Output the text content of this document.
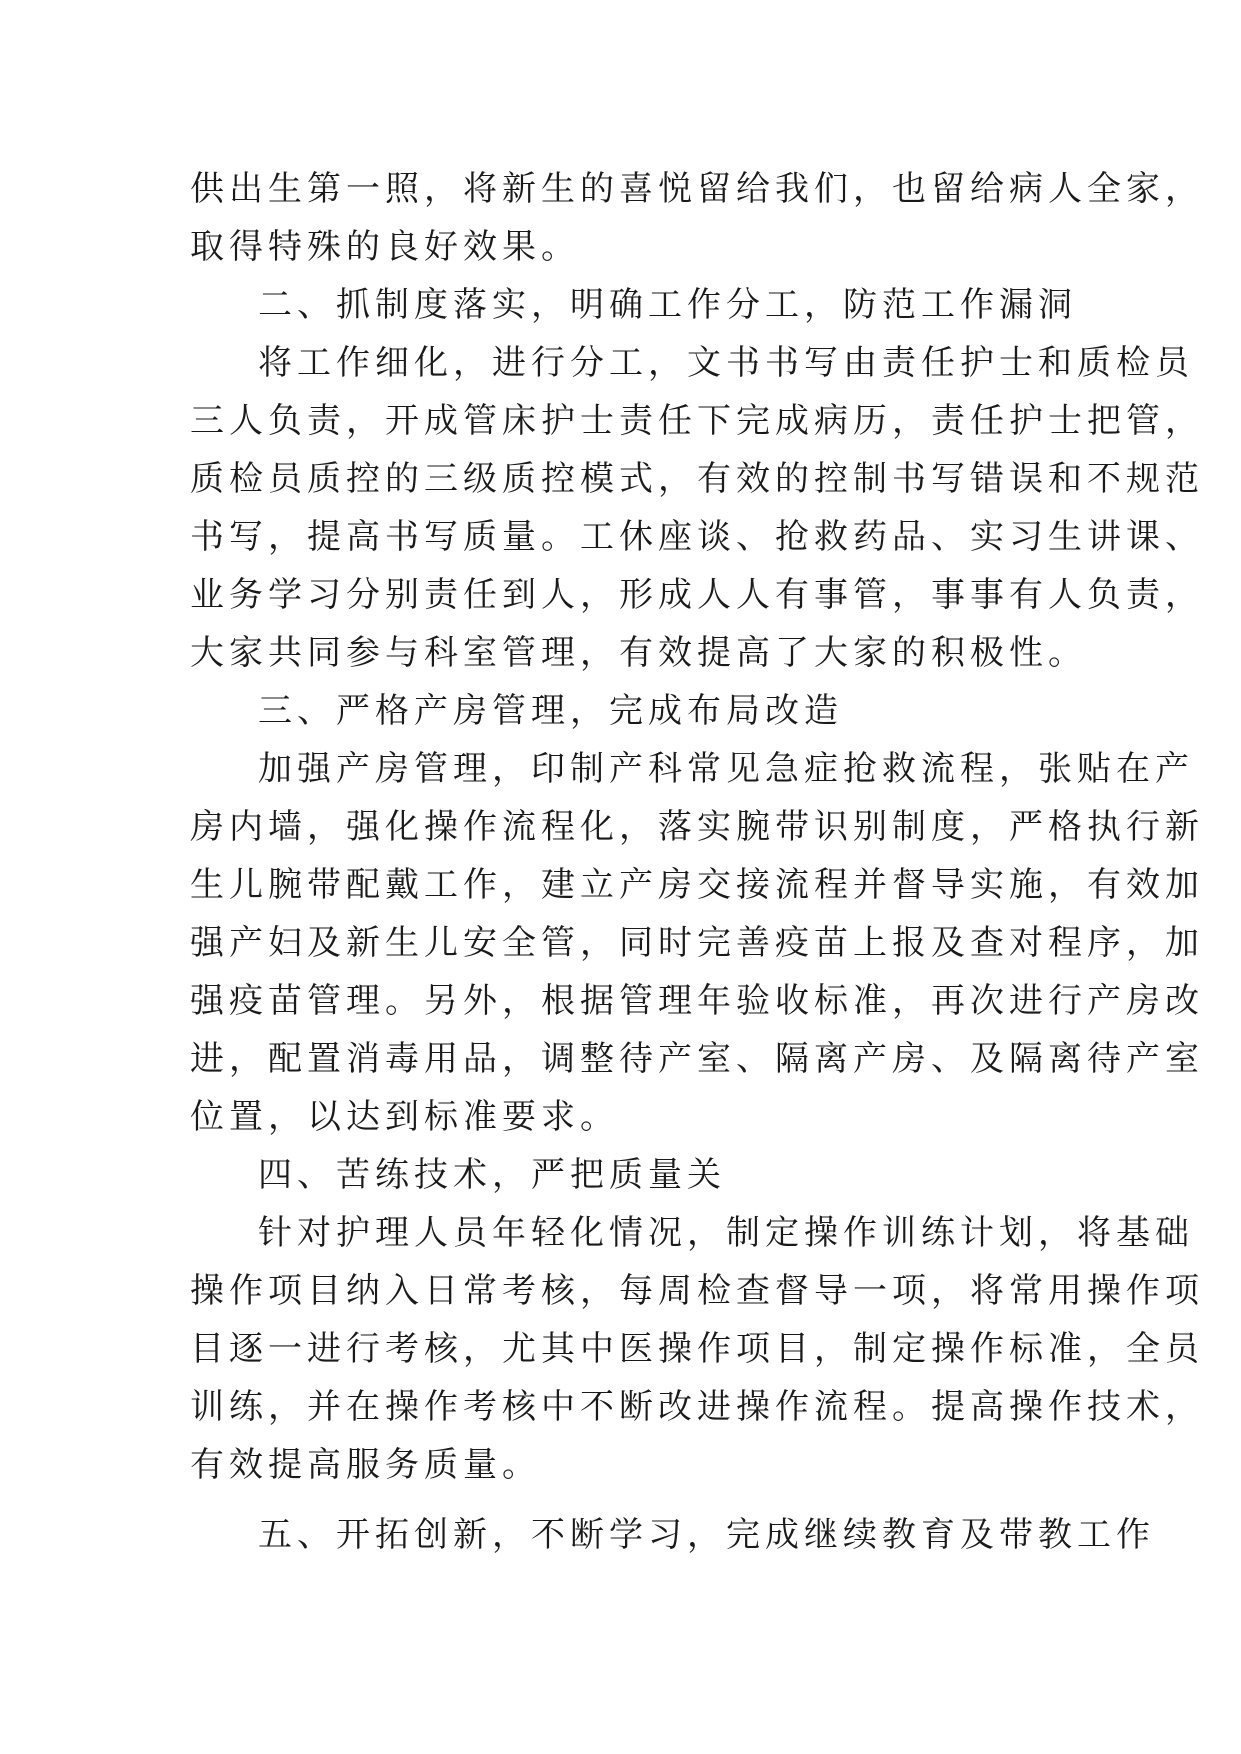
供出生第一照，将新生的喜悦留给我们，也留给病人全家，
取得特殊的良好效果。
二、抓制度落实，明确工作分工，防范工作漏洞
将工作细化，进行分工，文书书写由责任护士和质检员
三人负责，开成管床护士责任下完成病历，责任护士把管，
质检员质控的三级质控模式，有效的控制书写错误和不规范
书写，提高书写质量。工休座谈、抢救药品、实习生讲课、
业务学习分别责任到人，形成人人有事管，事事有人负责，
大家共同参与科室管理，有效提高了大家的积极性。
三、严格产房管理，完成布局改造
加强产房管理，印制产科常见急症抢救流程，张贴在产
房内墙，强化操作流程化，落实腕带识别制度，严格执行新
生儿腕带配戴工作，建立产房交接流程并督导实施，有效加
强产妇及新生儿安全管，同时完善疫苗上报及查对程序，加
强疫苗管理。另外，根据管理年验收标准，再次进行产房改
进，配置消毒用品，调整待产室、隔离产房、及隔离待产室
位置，以达到标准要求。
四、苦练技术，严把质量关
针对护理人员年轻化情况，制定操作训练计划，将基础
操作项目纳入日常考核，每周检查督导一项，将常用操作项
目逐一进行考核，尤其中医操作项目，制定操作标准，全员
训练，并在操作考核中不断改进操作流程。提高操作技术，
有效提高服务质量。
五、开拓创新，不断学习，完成继续教育及带教工作
